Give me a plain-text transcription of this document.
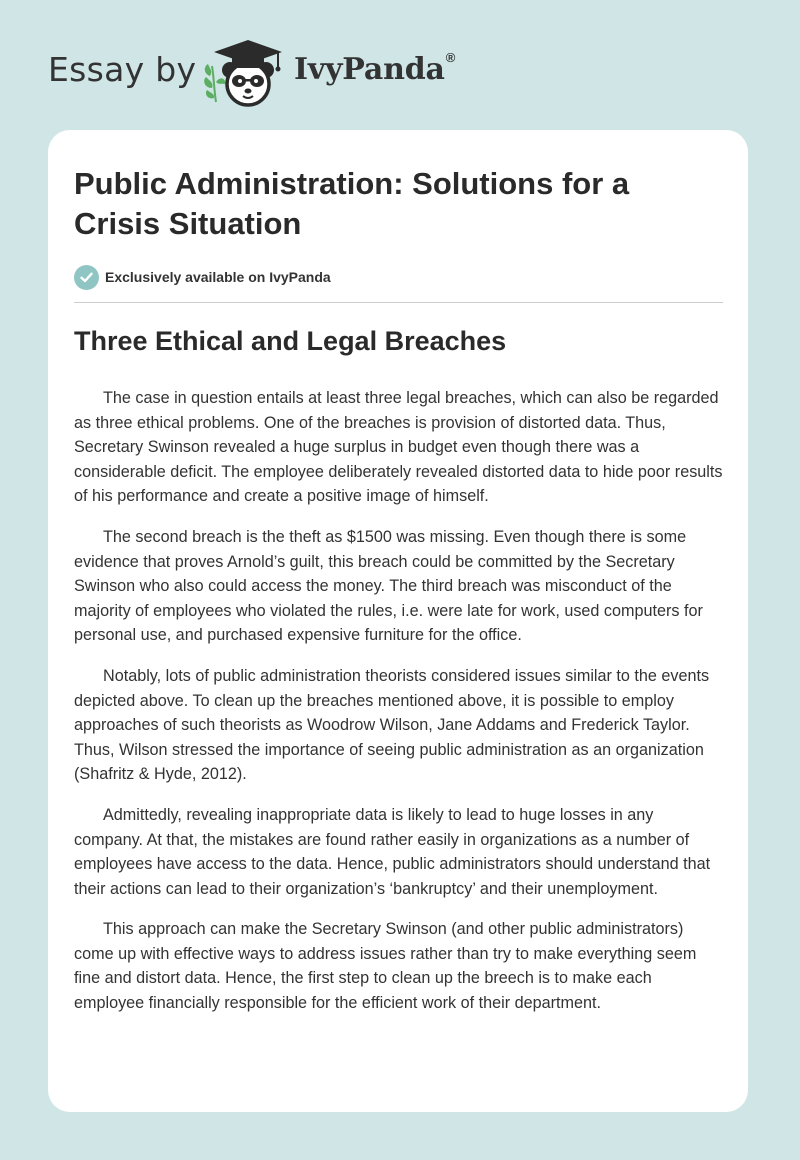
Essay by	IvyPanda®
Public Administration: Solutions for a Crisis Situation
Exclusively available on IvyPanda
Three Ethical and Legal Breaches

The case in question entails at least three legal breaches, which can also be regarded as three ethical problems. One of the breaches is provision of distorted data. Thus, Secretary Swinson revealed a huge surplus in budget even though there was a considerable deficit. The employee deliberately revealed distorted data to hide poor results of his performance and create a positive image of himself.

The second breach is the theft as $1500 was missing. Even though there is some evidence that proves Arnold’s guilt, this breach could be committed by the Secretary Swinson who also could access the money. The third breach was misconduct of the majority of employees who violated the rules, i.e. were late for work, used computers for personal use, and purchased expensive furniture for the office.

Notably, lots of public administration theorists considered issues similar to the events depicted above. To clean up the breaches mentioned above, it is possible to employ approaches of such theorists as Woodrow Wilson, Jane Addams and Frederick Taylor. Thus, Wilson stressed the importance of seeing public administration as an organization (Shafritz & Hyde, 2012).

Admittedly, revealing inappropriate data is likely to lead to huge losses in any company. At that, the mistakes are found rather easily in organizations as a number of employees have access to the data. Hence, public administrators should understand that their actions can lead to their organization’s ‘bankruptcy’ and their unemployment.

This approach can make the Secretary Swinson (and other public administrators) come up with effective ways to address issues rather than try to make everything seem fine and distort data. Hence, the first step to clean up the breech is to make each employee financially responsible for the efficient work of their department.
